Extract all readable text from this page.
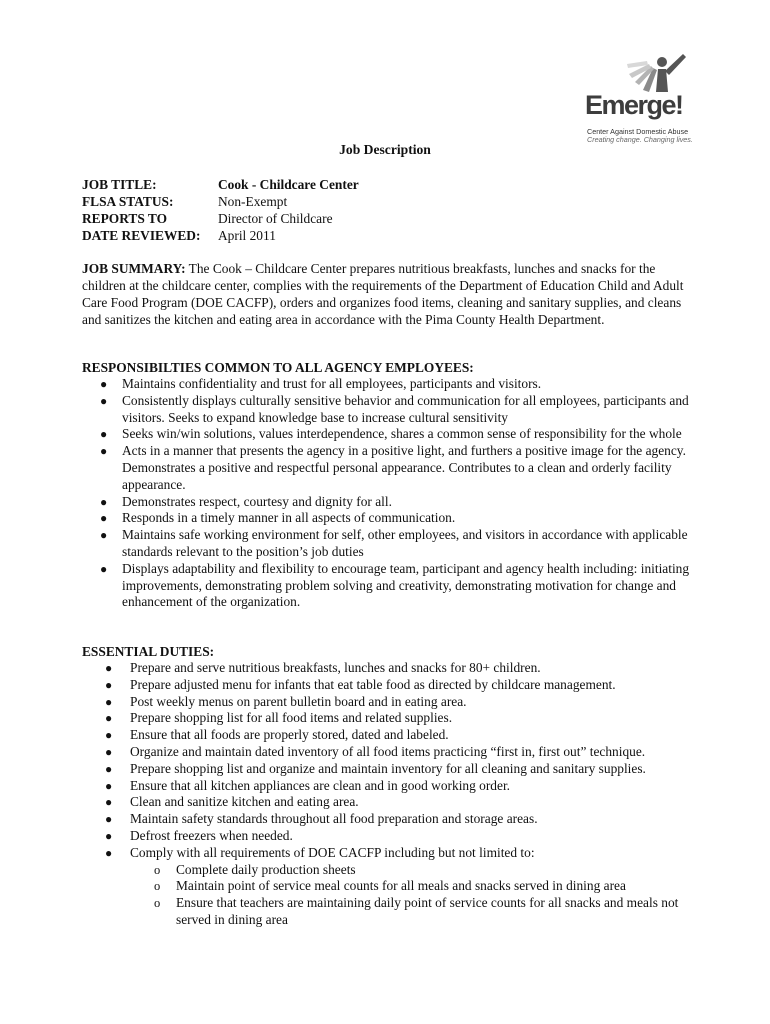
Emerge!
Center Against Domestic Abuse
Creating change. Changing lives.
Job Description
JOB TITLE:	Cook - Childcare Center
FLSA STATUS:	Non-Exempt
REPORTS TO	Director of Childcare
DATE REVIEWED: April 2011
JOB SUMMARY: The Cook – Childcare Center prepares nutritious breakfasts, lunches and snacks for the children at the childcare center, complies with the requirements of the Department of Education Child and Adult Care Food Program (DOE CACFP), orders and organizes food items, cleaning and sanitary supplies, and cleans and sanitizes the kitchen and eating area in accordance with the Pima County Health Department.
RESPONSIBILTIES COMMON TO ALL AGENCY EMPLOYEES:
● Maintains confidentiality and trust for all employees, participants and visitors.
● Consistently displays culturally sensitive behavior and communication for all employees, participants and visitors. Seeks to expand knowledge base to increase cultural sensitivity
● Seeks win/win solutions, values interdependence, shares a common sense of responsibility for the whole
● Acts in a manner that presents the agency in a positive light, and furthers a positive image for the agency. Demonstrates a positive and respectful personal appearance. Contributes to a clean and orderly facility appearance.
● Demonstrates respect, courtesy and dignity for all.
● Responds in a timely manner in all aspects of communication.
● Maintains safe working environment for self, other employees, and visitors in accordance with applicable standards relevant to the position’s job duties
● Displays adaptability and flexibility to encourage team, participant and agency health including: initiating improvements, demonstrating problem solving and creativity, demonstrating motivation for change and enhancement of the organization.
ESSENTIAL DUTIES:
● Prepare and serve nutritious breakfasts, lunches and snacks for 80+ children.
● Prepare adjusted menu for infants that eat table food as directed by childcare management.
● Post weekly menus on parent bulletin board and in eating area.
● Prepare shopping list for all food items and related supplies.
● Ensure that all foods are properly stored, dated and labeled.
● Organize and maintain dated inventory of all food items practicing “first in, first out” technique.
● Prepare shopping list and organize and maintain inventory for all cleaning and sanitary supplies.
● Ensure that all kitchen appliances are clean and in good working order.
● Clean and sanitize kitchen and eating area.
● Maintain safety standards throughout all food preparation and storage areas.
● Defrost freezers when needed.
● Comply with all requirements of DOE CACFP including but not limited to:
o Complete daily production sheets
o Maintain point of service meal counts for all meals and snacks served in dining area
o Ensure that teachers are maintaining daily point of service counts for all snacks and meals not served in dining area
